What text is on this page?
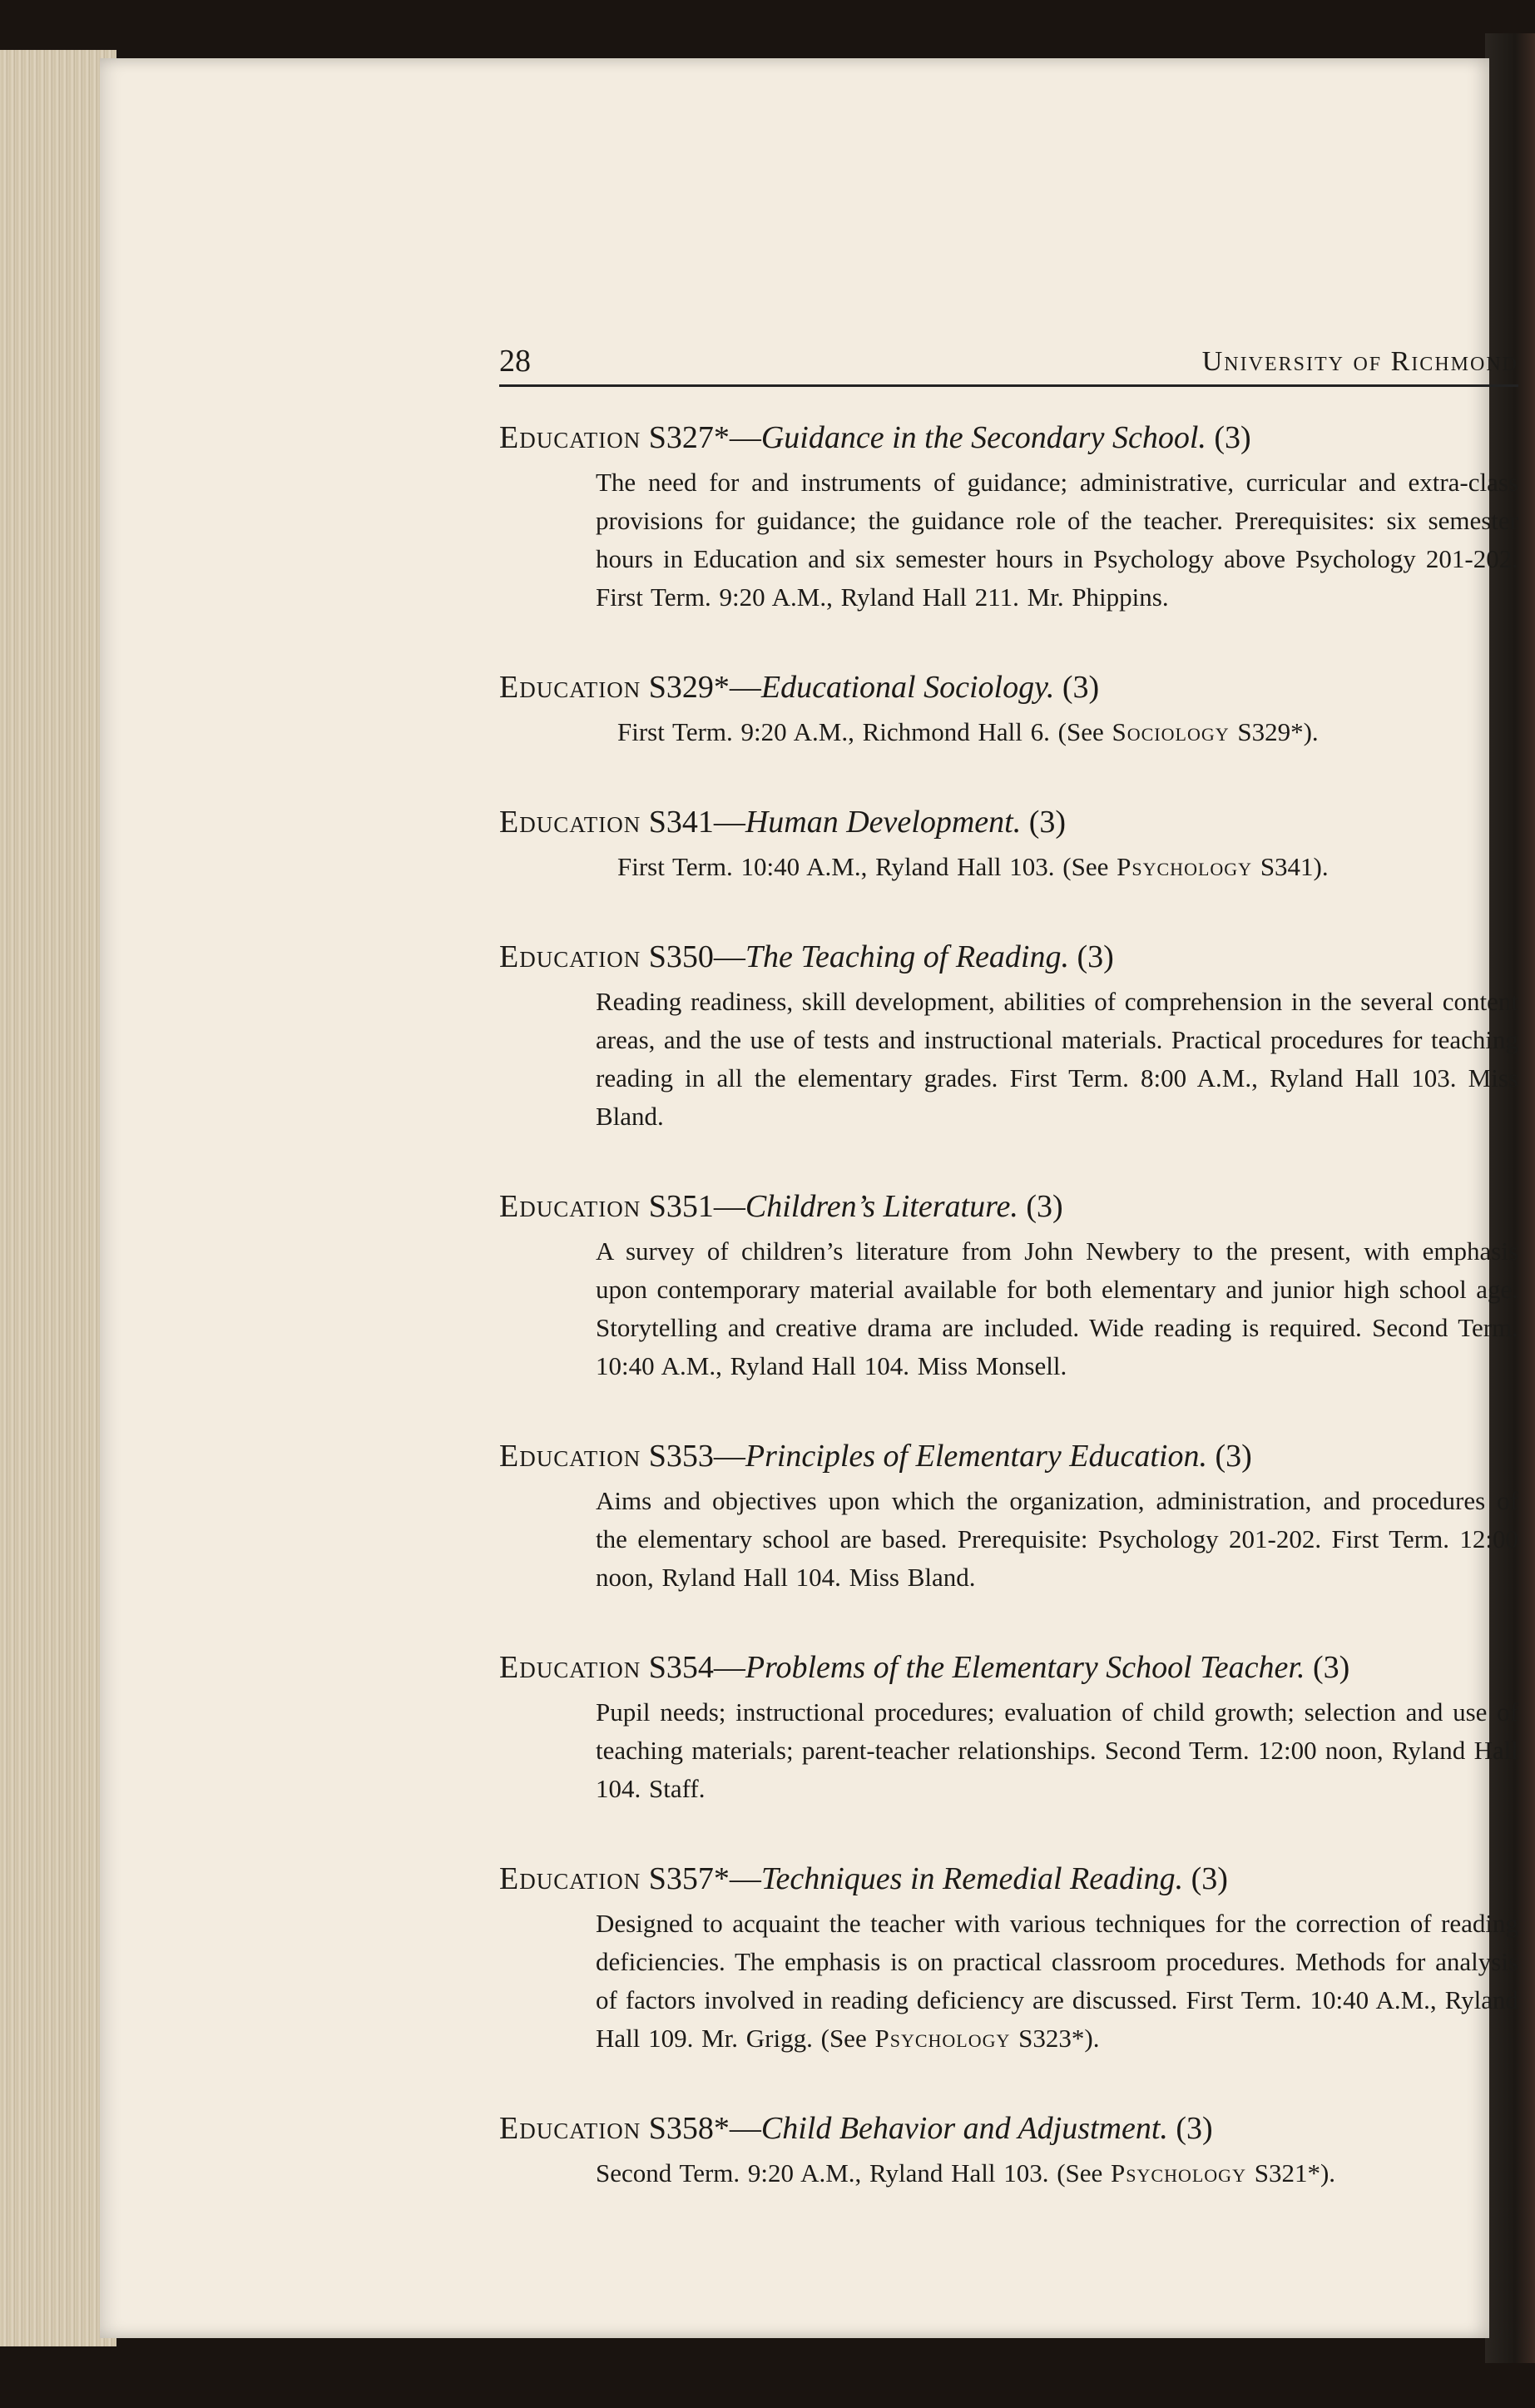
28	University of Richmond

Education S327*—Guidance in the Secondary School. (3)

The need for and instruments of guidance; administrative, curricular and extra-class provisions for guidance; the guidance role of the teacher. Prerequisites: six semester hours in Education and six semester hours in Psychology above Psychology 201-202. First Term. 9:20 A.M., Ryland Hall 211. Mr. Phippins.

Education S329*—Educational Sociology. (3)

First Term. 9:20 A.M., Richmond Hall 6. (See Sociology S329*).

Education S341—Human Development. (3)

First Term. 10:40 A.M., Ryland Hall 103. (See Psychology S341).

Education S350—The Teaching of Reading. (3)

Reading readiness, skill development, abilities of comprehension in the several content areas, and the use of tests and instructional materials. Practical procedures for teaching reading in all the elementary grades. First Term. 8:00 A.M., Ryland Hall 103. Miss Bland.

Education S351—Children’s Literature. (3)

A survey of children’s literature from John Newbery to the present, with emphasis upon contemporary material available for both elementary and junior high school age. Storytelling and creative drama are included. Wide reading is required. Second Term. 10:40 A.M., Ryland Hall 104. Miss Monsell.

Education S353—Principles of Elementary Education. (3)

Aims and objectives upon which the organization, administration, and procedures of the elementary school are based. Prerequisite: Psychology 201-202. First Term. 12:00 noon, Ryland Hall 104. Miss Bland.

Education S354—Problems of the Elementary School Teacher. (3)

Pupil needs; instructional procedures; evaluation of child growth; selection and use of teaching materials; parent-teacher relationships. Second Term. 12:00 noon, Ryland Hall 104. Staff.

Education S357*—Techniques in Remedial Reading. (3)

Designed to acquaint the teacher with various techniques for the correction of reading deficiencies. The emphasis is on practical classroom procedures. Methods for analysis of factors involved in reading deficiency are discussed. First Term. 10:40 A.M., Ryland Hall 109. Mr. Grigg. (See Psychology S323*).

Education S358*—Child Behavior and Adjustment. (3)

Second Term. 9:20 A.M., Ryland Hall 103. (See Psychology S321*).
